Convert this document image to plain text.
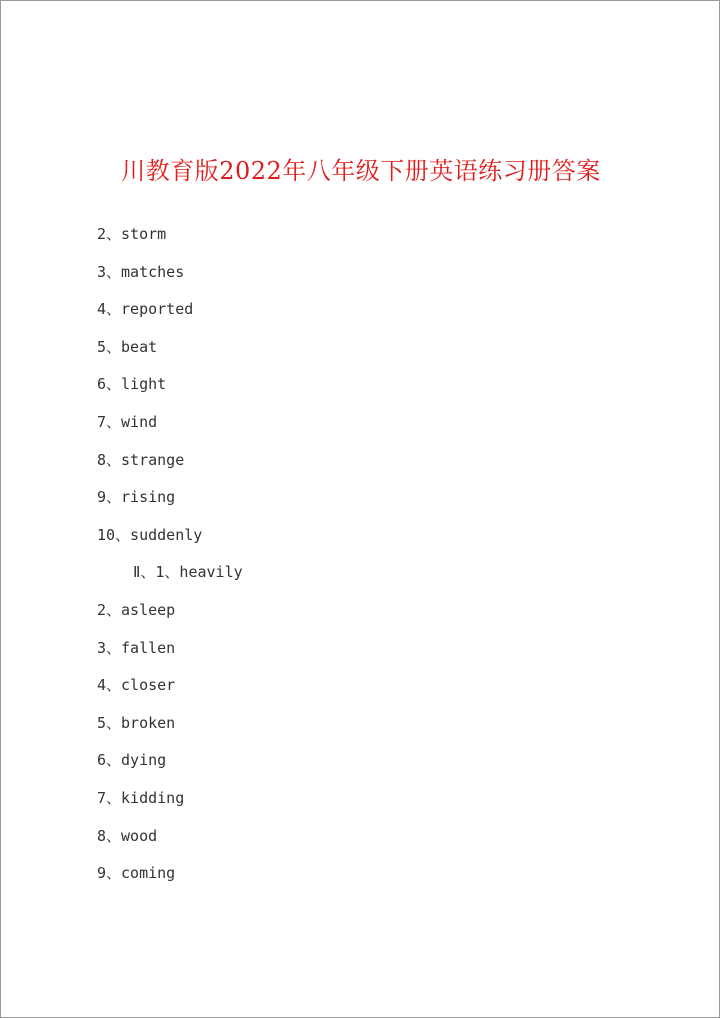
川教育版2022年八年级下册英语练习册答案
2、storm
3、matches
4、reported
5、beat
6、light
7、wind
8、strange
9、rising
10、suddenly
Ⅱ、1、heavily
2、asleep
3、fallen
4、closer
5、broken
6、dying
7、kidding
8、wood
9、coming
